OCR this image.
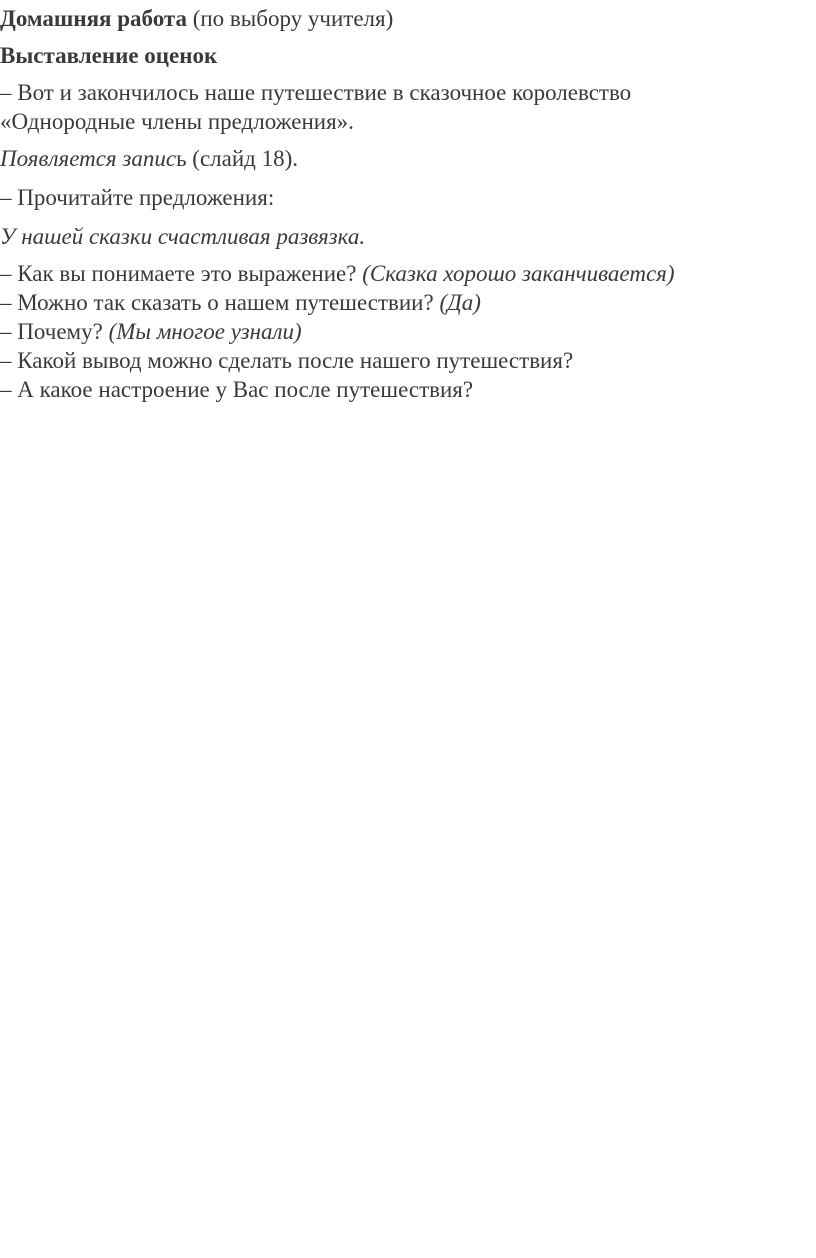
Домашняя работа (по выбору учителя)
Выставление оценок
– Вот и закончилось наше путешествие в сказочное королевство
«Однородные члены предложения».
Появляется запись (слайд 18).
– Прочитайте предложения:
У нашей сказки счастливая развязка.
– Как вы понимаете это выражение? (Сказка хорошо заканчивается)
– Можно так сказать о нашем путешествии? (Да)
– Почему? (Мы многое узнали)
– Какой вывод можно сделать после нашего путешествия?
– А какое настроение у Вас после путешествия?
